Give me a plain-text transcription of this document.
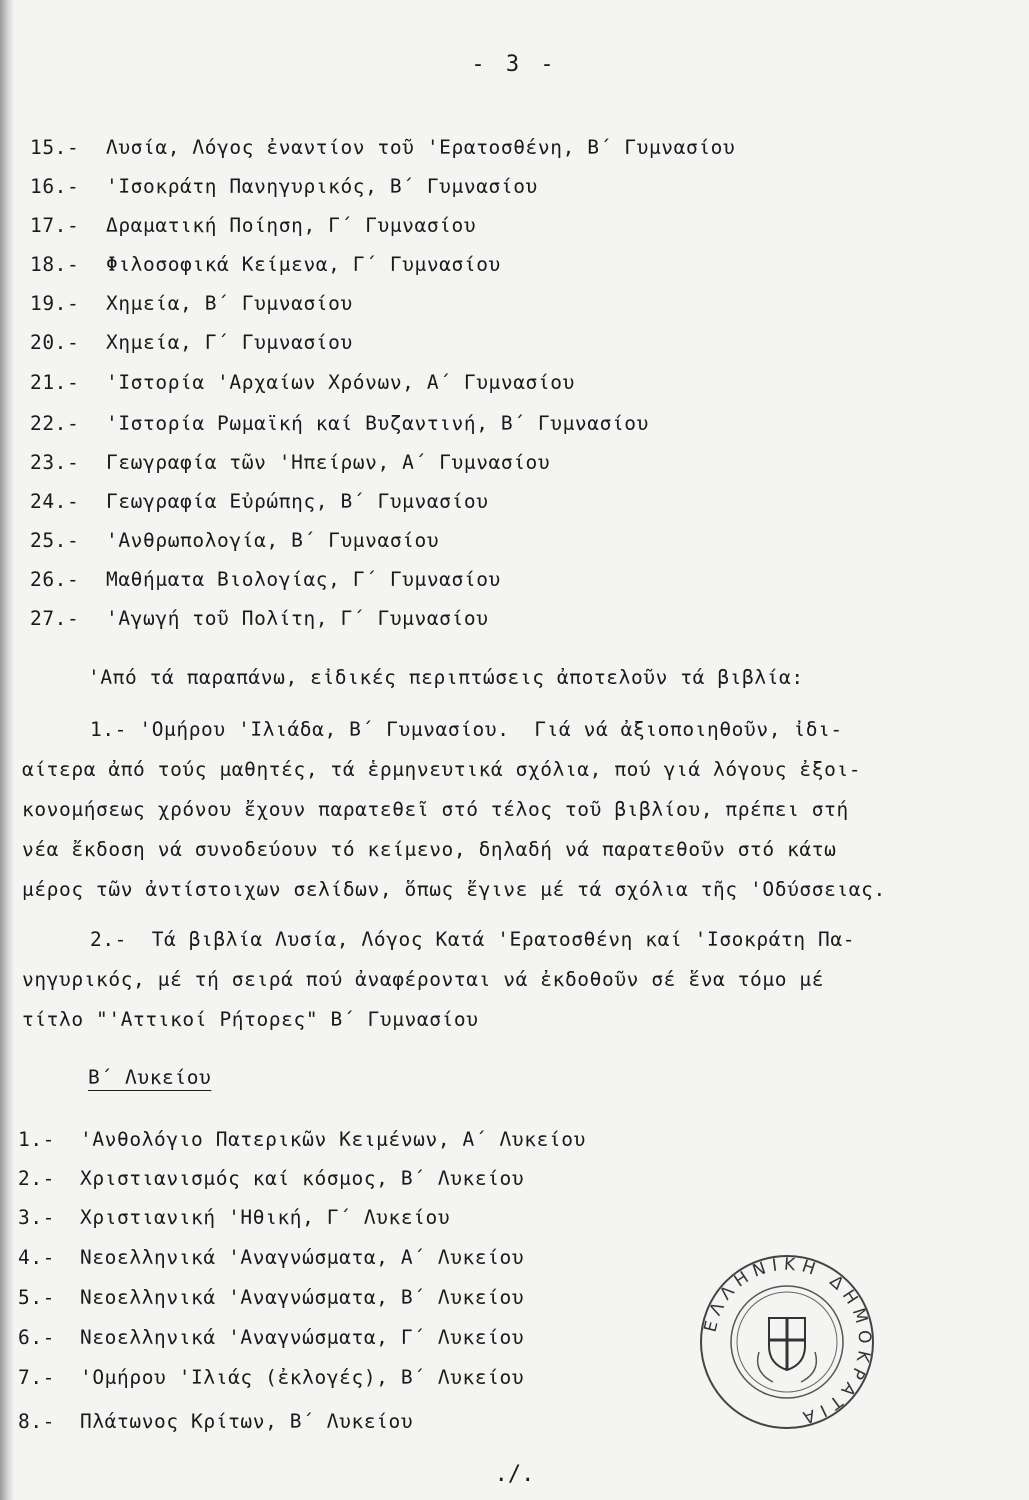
- 3 -
15.- Λυσία, Λόγος ἐναντίον τοῦ 'Ερατοσθένη, Β΄ Γυμνασίου
16.- 'Ισοκράτη Πανηγυρικός, Β΄ Γυμνασίου
17.- Δραματική Ποίηση, Γ΄ Γυμνασίου
18.- Φιλοσοφικά Κείμενα, Γ΄ Γυμνασίου
19.- Χημεία, Β΄ Γυμνασίου
20.- Χημεία, Γ΄ Γυμνασίου
21.- 'Ιστορία 'Αρχαίων Χρόνων, Α΄ Γυμνασίου
22.- 'Ιστορία Ρωμαϊκή καί Βυζαντινή, Β΄ Γυμνασίου
23.- Γεωγραφία τῶν 'Ηπείρων, Α΄ Γυμνασίου
24.- Γεωγραφία Εὐρώπης, Β΄ Γυμνασίου
25.- 'Ανθρωπολογία, Β΄ Γυμνασίου
26.- Μαθήματα Βιολογίας, Γ΄ Γυμνασίου
27.- 'Αγωγή τοῦ Πολίτη, Γ΄ Γυμνασίου
'Από τά παραπάνω, εἰδικές περιπτώσεις ἀποτελοῦν τά βιβλία:
1.- 'Ομήρου 'Ιλιάδα, Β΄ Γυμνασίου.  Γιά νά ἀξιοποιηθοῦν, ἰδι-
αίτερα ἀπό τούς μαθητές, τά ἑρμηνευτικά σχόλια, πού γιά λόγους ἐξοι-
κονομήσεως χρόνου ἔχουν παρατεθεῖ στό τέλος τοῦ βιβλίου, πρέπει στή
νέα ἔκδοση νά συνοδεύουν τό κείμενο, δηλαδή νά παρατεθοῦν στό κάτω
μέρος τῶν ἀντίστοιχων σελίδων, ὅπως ἔγινε μέ τά σχόλια τῆς 'Οδύσσειας.
2.-  Τά βιβλία Λυσία, Λόγος Κατά 'Ερατοσθένη καί 'Ισοκράτη Πα-
νηγυρικός, μέ τή σειρά πού ἀναφέρονται νά ἐκδοθοῦν σέ ἕνα τόμο μέ
τίτλο "'Αττικοί Ρήτορες" Β΄ Γυμνασίου
Β΄ Λυκείου
1.- 'Ανθολόγιο Πατερικῶν Κειμένων, Α΄ Λυκείου
2.- Χριστιανισμός καί κόσμος, Β΄ Λυκείου
3.- Χριστιανική 'Ηθική, Γ΄ Λυκείου
4.- Νεοελληνικά 'Αναγνώσματα, Α΄ Λυκείου
5.- Νεοελληνικά 'Αναγνώσματα, Β΄ Λυκείου
6.- Νεοελληνικά 'Αναγνώσματα, Γ΄ Λυκείου
7.- 'Ομήρου 'Ιλιάς (ἐκλογές), Β΄ Λυκείου
8.- Πλάτωνος Κρίτων, Β΄ Λυκείου
ΕΛΛΗΝΙΚΗ ΔΗΜΟΚΡΑΤΙΑ
./.
